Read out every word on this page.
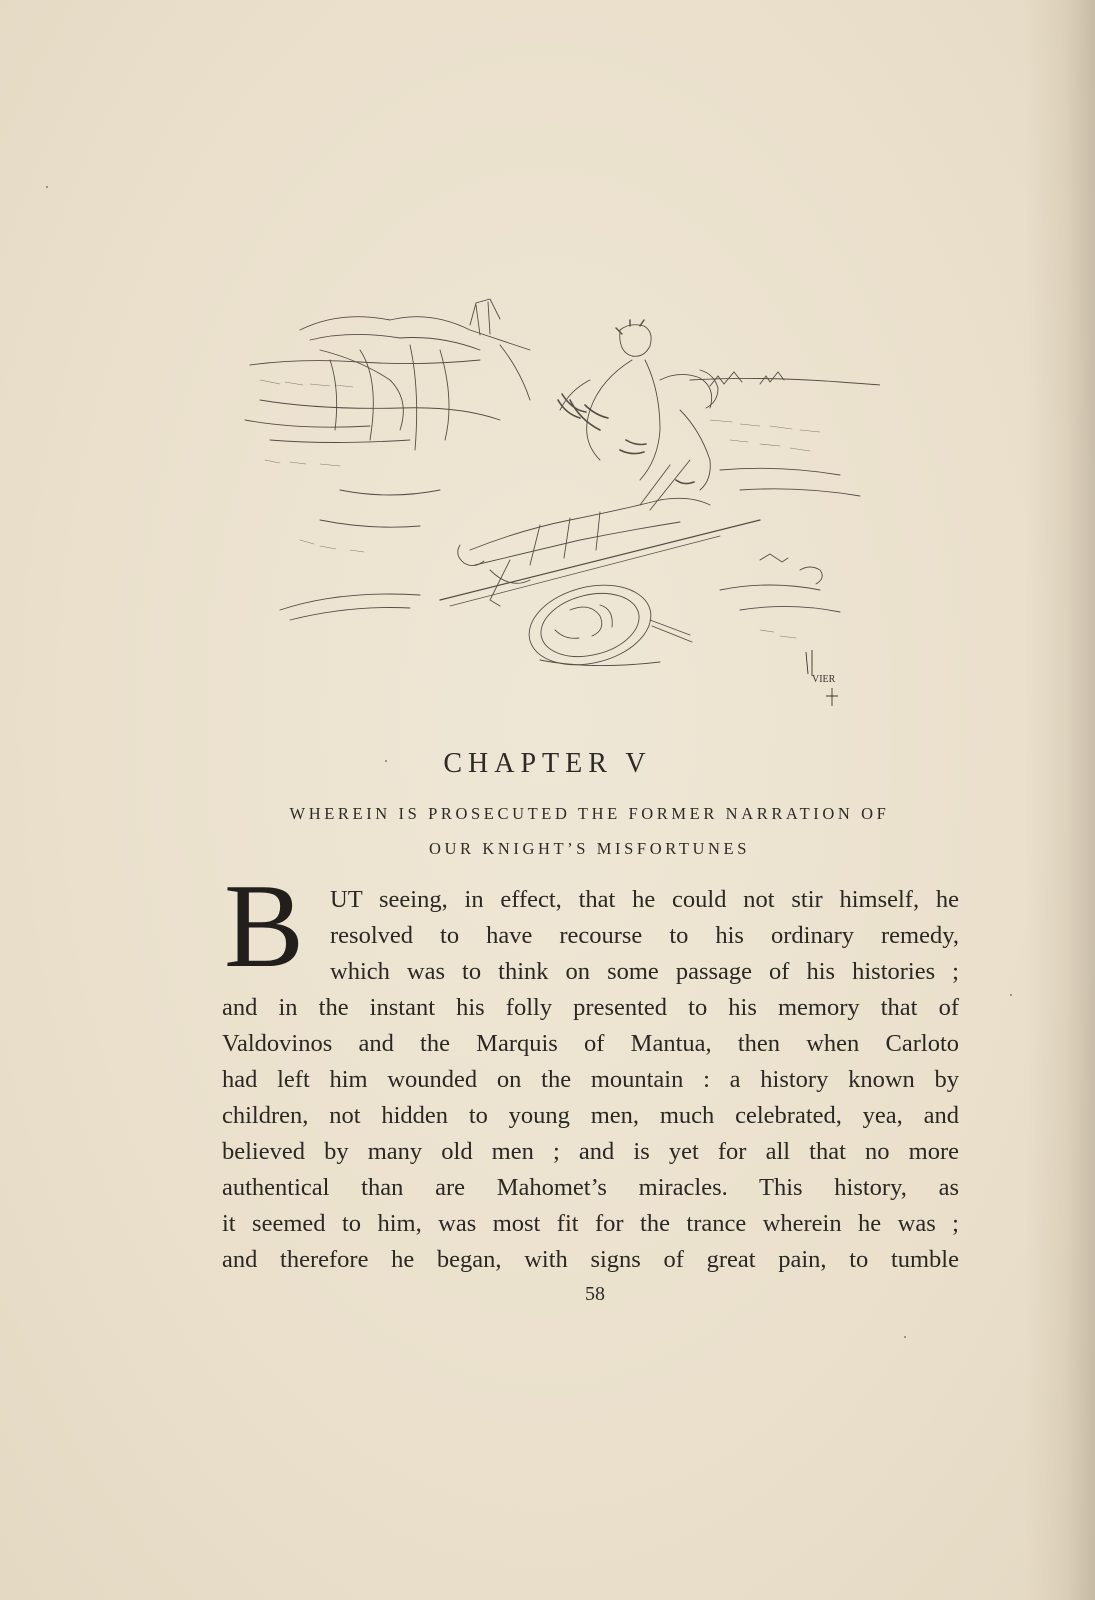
VIER
CHAPTER V
WHEREIN IS PROSECUTED THE FORMER NARRATION OF
OUR KNIGHT’S MISFORTUNES
B UT seeing, in effect, that he could not stir himself, he
resolved to have recourse to his ordinary remedy,
which was to think on some passage of his histories ;
and in the instant his folly presented to his memory that of
Valdovinos and the Marquis of Mantua, then when Carloto
had left him wounded on the mountain : a history known by
children, not hidden to young men, much celebrated, yea, and
believed by many old men ; and is yet for all that no more
authentical than are Mahomet’s miracles. This history, as
it seemed to him, was most fit for the trance wherein he was ;
and therefore he began, with signs of great pain, to tumble
58
